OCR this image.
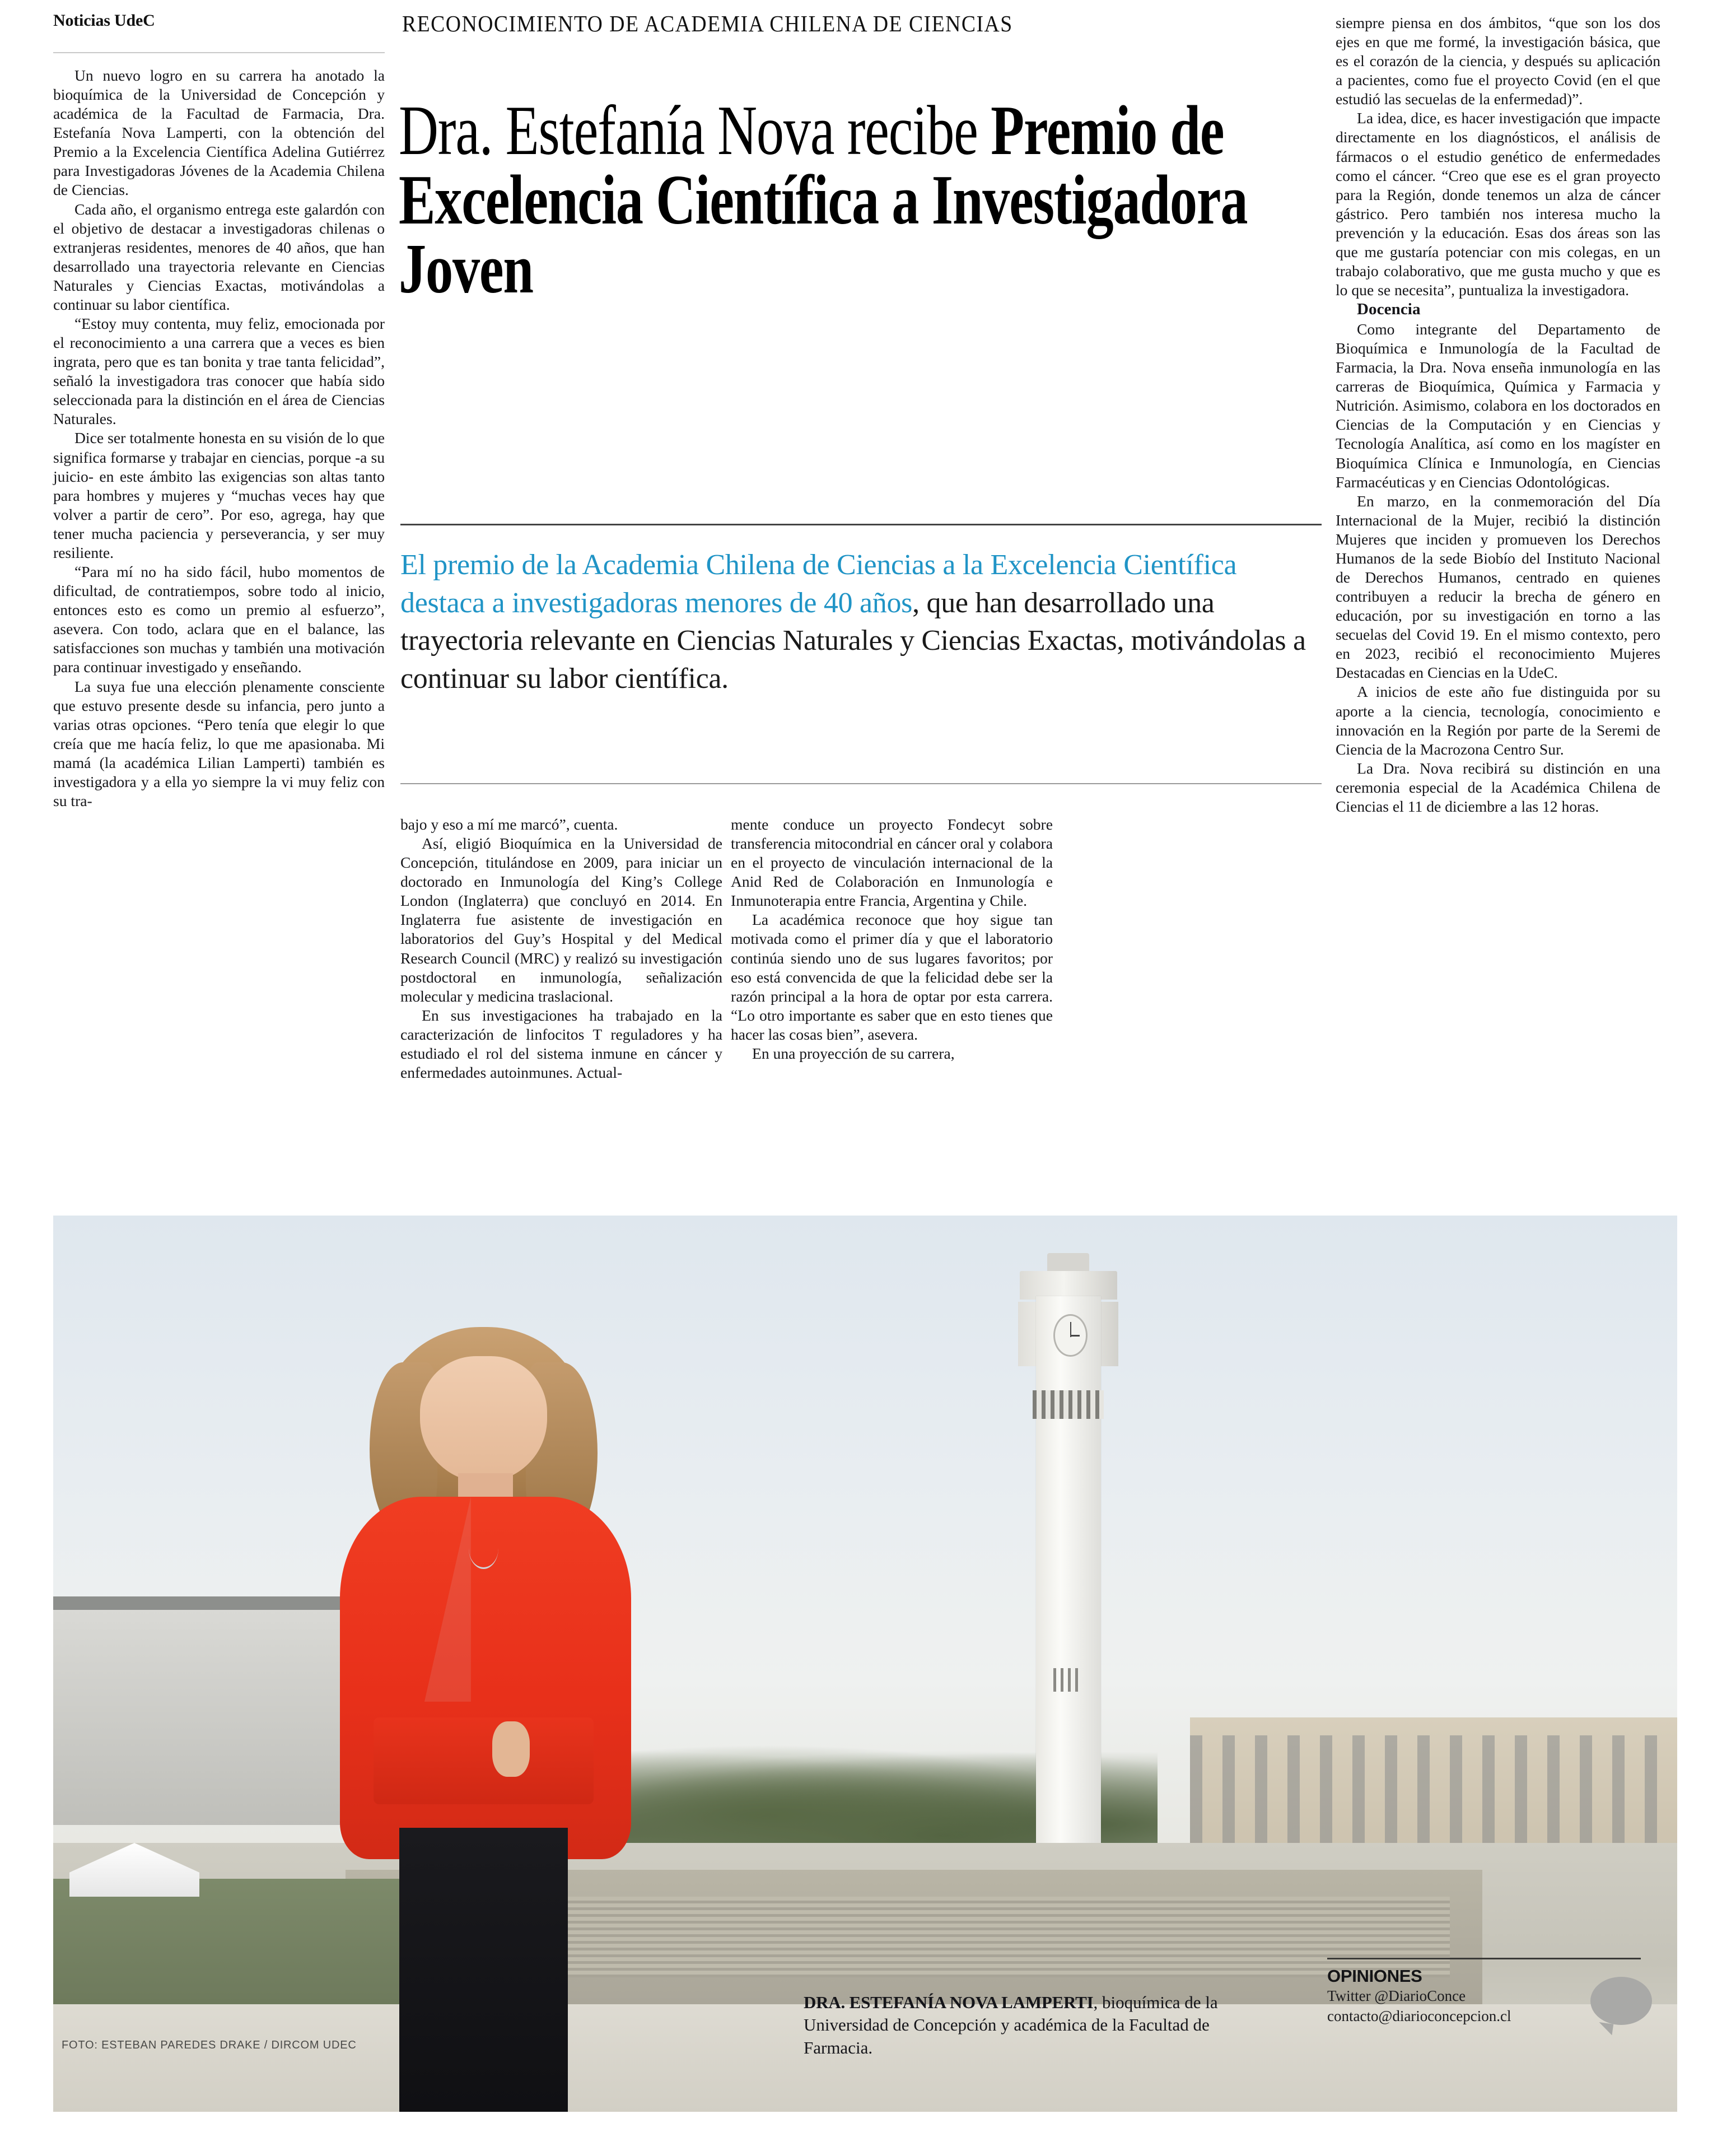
Noticias UdeC	RECONOCIMIENTO DE ACADEMIA CHILENA DE CIENCIAS
Dra. Estefanía Nova recibe Premio de Excelencia Científica a Investigadora Joven
El premio de la Academia Chilena de Ciencias a la Excelencia Científica destaca a investigadoras menores de 40 años, que han desarrollado una trayectoria relevante en Ciencias Naturales y Ciencias Exactas, motivándolas a continuar su labor científica.

Un nuevo logro en su carrera ha anotado la bioquímica de la Universidad de Concepción y académica de la Facultad de Farmacia, Dra. Estefanía Nova Lamperti, con la obtención del Premio a la Excelencia Científica Adelina Gutiérrez para Investigadoras Jóvenes de la Academia Chilena de Ciencias.

Cada año, el organismo entrega este galardón con el objetivo de destacar a investigadoras chilenas o extranjeras residentes, menores de 40 años, que han desarrollado una trayectoria relevante en Ciencias Naturales y Ciencias Exactas, motivándolas a continuar su labor científica.

“Estoy muy contenta, muy feliz, emocionada por el reconocimiento a una carrera que a veces es bien ingrata, pero que es tan bonita y trae tanta felicidad”, señaló la investigadora tras conocer que había sido seleccionada para la distinción en el área de Ciencias Naturales.

Dice ser totalmente honesta en su visión de lo que significa formarse y trabajar en ciencias, porque -a su juicio- en este ámbito las exigencias son altas tanto para hombres y mujeres y “muchas veces hay que volver a partir de cero”. Por eso, agrega, hay que tener mucha paciencia y perseverancia, y ser muy resiliente.

“Para mí no ha sido fácil, hubo momentos de dificultad, de contratiempos, sobre todo al inicio, entonces esto es como un premio al esfuerzo”, asevera. Con todo, aclara que en el balance, las satisfacciones son muchas y también una motivación para continuar investigado y enseñando.

La suya fue una elección plenamente consciente que estuvo presente desde su infancia, pero junto a varias otras opciones. “Pero tenía que elegir lo que creía que me hacía feliz, lo que me apasionaba. Mi mamá (la académica Lilian Lamperti) también es investigadora y a ella yo siempre la vi muy feliz con su tra-

bajo y eso a mí me marcó”, cuenta.

Así, eligió Bioquímica en la Universidad de Concepción, titulándose en 2009, para iniciar un doctorado en Inmunología del King’s College London (Inglaterra) que concluyó en 2014. En Inglaterra fue asistente de investigación en laboratorios del Guy’s Hospital y del Medical Research Council (MRC) y realizó su investigación postdoctoral en inmunología, señalización molecular y medicina traslacional.

En sus investigaciones ha trabajado en la caracterización de linfocitos T reguladores y ha estudiado el rol del sistema inmune en cáncer y enfermedades autoinmunes. Actual-

mente conduce un proyecto Fondecyt sobre transferencia mitocondrial en cáncer oral y colabora en el proyecto de vinculación internacional de la Anid Red de Colaboración en Inmunología e Inmunoterapia entre Francia, Argentina y Chile.

La académica reconoce que hoy sigue tan motivada como el primer día y que el laboratorio continúa siendo uno de sus lugares favoritos; por eso está convencida de que la felicidad debe ser la razón principal a la hora de optar por esta carrera. “Lo otro importante es saber que en esto tienes que hacer las cosas bien”, asevera.

En una proyección de su carrera,

siempre piensa en dos ámbitos, “que son los dos ejes en que me formé, la investigación básica, que es el corazón de la ciencia, y después su aplicación a pacientes, como fue el proyecto Covid (en el que estudió las secuelas de la enfermedad)”.

La idea, dice, es hacer investigación que impacte directamente en los diagnósticos, el análisis de fármacos o el estudio genético de enfermedades como el cáncer. “Creo que ese es el gran proyecto para la Región, donde tenemos un alza de cáncer gástrico. Pero también nos interesa mucho la prevención y la educación. Esas dos áreas son las que me gustaría potenciar con mis colegas, en un trabajo colaborativo, que me gusta mucho y que es lo que se necesita”, puntualiza la investigadora.

Docencia

Como integrante del Departamento de Bioquímica e Inmunología de la Facultad de Farmacia, la Dra. Nova enseña inmunología en las carreras de Bioquímica, Química y Farmacia y Nutrición. Asimismo, colabora en los doctorados en Ciencias de la Computación y en Ciencias y Tecnología Analítica, así como en los magíster en Bioquímica Clínica e Inmunología, en Ciencias Farmacéuticas y en Ciencias Odontológicas.

En marzo, en la conmemoración del Día Internacional de la Mujer, recibió la distinción Mujeres que inciden y promueven los Derechos Humanos de la sede Biobío del Instituto Nacional de Derechos Humanos, centrado en quienes contribuyen a reducir la brecha de género en educación, por su investigación en torno a las secuelas del Covid 19. En el mismo contexto, pero en 2023, recibió el reconocimiento Mujeres Destacadas en Ciencias en la UdeC.

A inicios de este año fue distinguida por su aporte a la ciencia, tecnología, conocimiento e innovación en la Región por parte de la Seremi de Ciencia de la Macrozona Centro Sur.

La Dra. Nova recibirá su distinción en una ceremonia especial de la Académica Chilena de Ciencias el 11 de diciembre a las 12 horas.

FOTO: ESTEBAN PAREDES DRAKE / DIRCOM UDEC
DRA. ESTEFANÍA NOVA LAMPERTI, bioquímica de la Universidad de Concepción y académica de la Facultad de Farmacia.
OPINIONES
Twitter @DiarioConce
contacto@diarioconcepcion.cl
